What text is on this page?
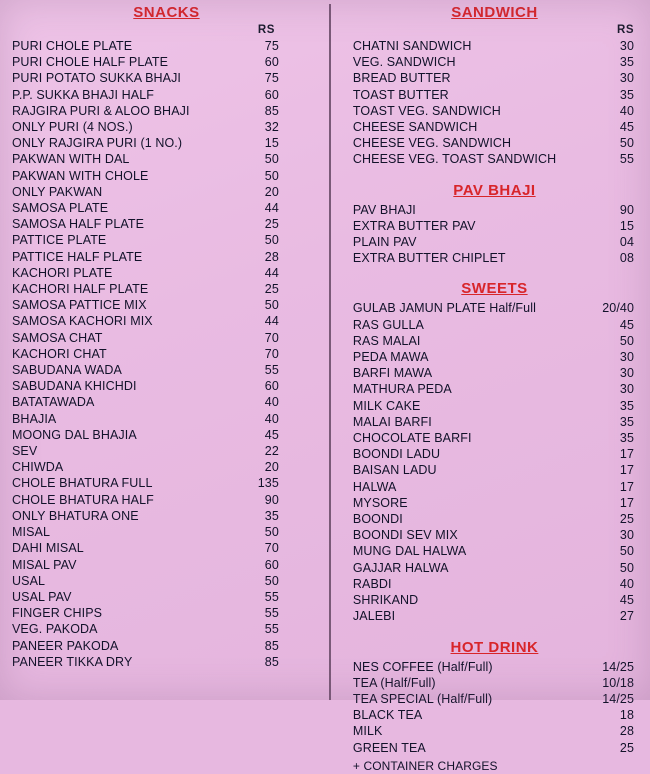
SNACKS
RS
PURI CHOLE PLATE	75
PURI CHOLE HALF PLATE	60
PURI POTATO SUKKA BHAJI	75
P.P. SUKKA BHAJI HALF	60
RAJGIRA PURI & ALOO BHAJI	85
ONLY PURI (4 NOS.)	32
ONLY RAJGIRA PURI (1 NO.)	15
PAKWAN WITH DAL	50
PAKWAN WITH CHOLE	50
ONLY PAKWAN	20
SAMOSA PLATE	44
SAMOSA HALF PLATE	25
PATTICE PLATE	50
PATTICE HALF PLATE	28
KACHORI PLATE	44
KACHORI HALF PLATE	25
SAMOSA PATTICE MIX	50
SAMOSA KACHORI MIX	44
SAMOSA CHAT	70
KACHORI CHAT	70
SABUDANA WADA	55
SABUDANA KHICHDI	60
BATATAWADA	40
BHAJIA	40
MOONG DAL BHAJIA	45
SEV	22
CHIWDA	20
CHOLE BHATURA FULL	135
CHOLE BHATURA HALF	90
ONLY BHATURA ONE	35
MISAL	50
DAHI MISAL	70
MISAL PAV	60
USAL	50
USAL PAV	55
FINGER CHIPS	55
VEG. PAKODA	55
PANEER PAKODA	85
PANEER TIKKA DRY	85
SANDWICH
RS
CHATNI SANDWICH	30
VEG. SANDWICH	35
BREAD BUTTER	30
TOAST BUTTER	35
TOAST VEG. SANDWICH	40
CHEESE SANDWICH	45
CHEESE VEG. SANDWICH	50
CHEESE VEG. TOAST SANDWICH	55
PAV BHAJI
PAV BHAJI	90
EXTRA BUTTER PAV	15
PLAIN PAV	04
EXTRA BUTTER CHIPLET	08
SWEETS
GULAB JAMUN PLATE Half/Full	20/40
RAS GULLA	45
RAS MALAI	50
PEDA MAWA	30
BARFI MAWA	30
MATHURA PEDA	30
MILK CAKE	35
MALAI BARFI	35
CHOCOLATE BARFI	35
BOONDI LADU	17
BAISAN LADU	17
HALWA	17
MYSORE	17
BOONDI	25
BOONDI SEV MIX	30
MUNG DAL HALWA	50
GAJJAR HALWA	50
RABDI	40
SHRIKAND	45
JALEBI	27
HOT DRINK
NES COFFEE (Half/Full)	14/25
TEA (Half/Full)	10/18
TEA SPECIAL (Half/Full)	14/25
BLACK TEA	18
MILK	28
GREEN TEA	25
+ CONTAINER CHARGES
